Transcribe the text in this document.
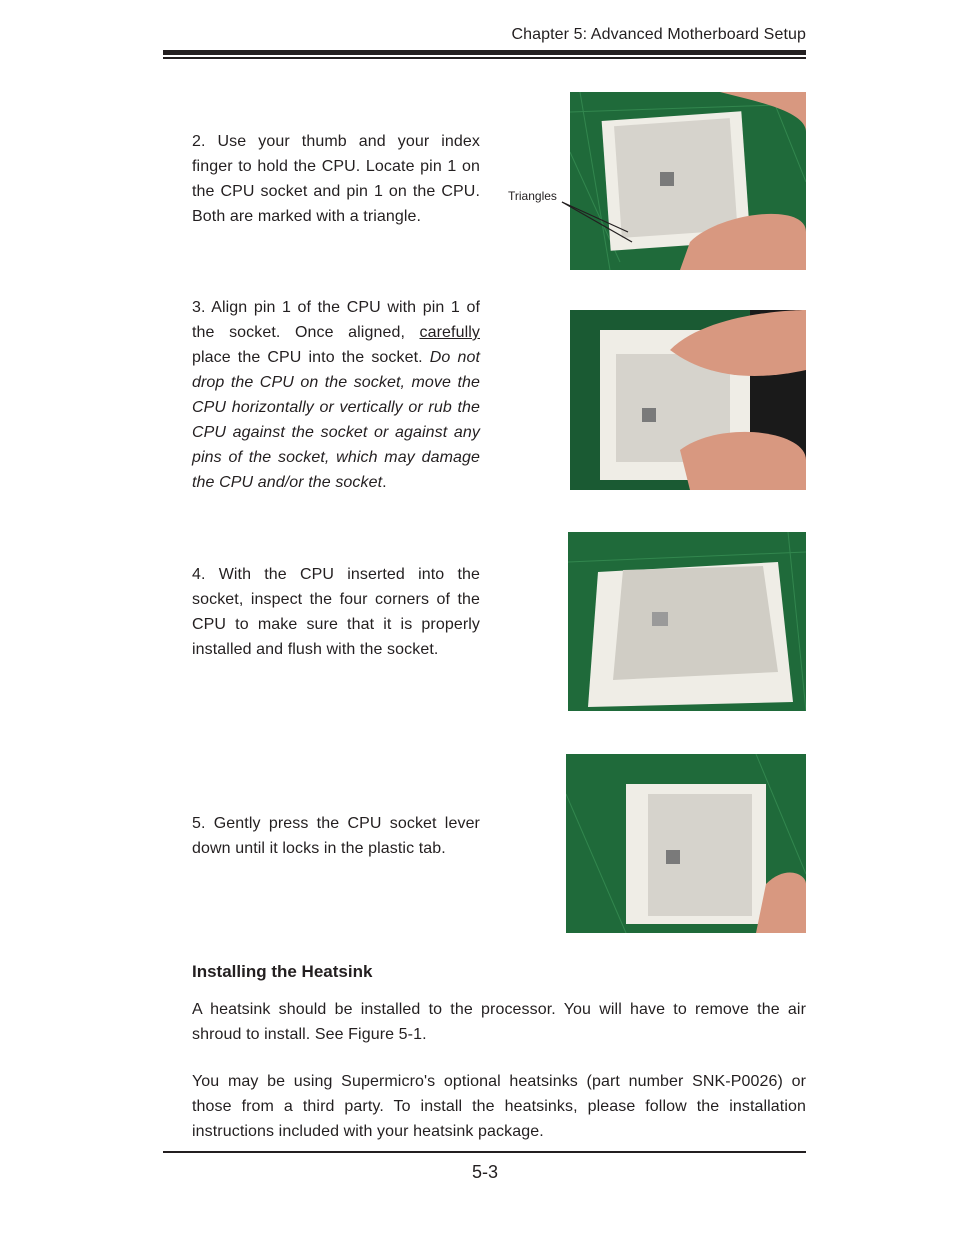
Chapter 5: Advanced Motherboard Setup

2. Use your thumb and your index finger to hold the CPU. Locate pin 1 on the CPU socket and pin 1 on the CPU. Both are marked with a triangle.

Triangles

3. Align pin 1 of the CPU with pin 1 of the socket. Once aligned, carefully place the CPU into the socket. Do not drop the CPU on the socket, move the CPU horizontally or vertically or rub the CPU against the socket or against any pins of the socket, which may damage the CPU and/or the socket.

4. With the CPU inserted into the socket, inspect the four corners of the CPU to make sure that it is properly installed and flush with the socket.

5. Gently press the CPU socket lever down until it locks in the plastic tab.

Installing the Heatsink

A heatsink should be installed to the processor. You will have to remove the air shroud to install. See Figure 5-1.

You may be using Supermicro's optional heatsinks (part number SNK-P0026) or those from a third party. To install the heatsinks, please follow the installation instructions included with your heatsink package.

5-3
